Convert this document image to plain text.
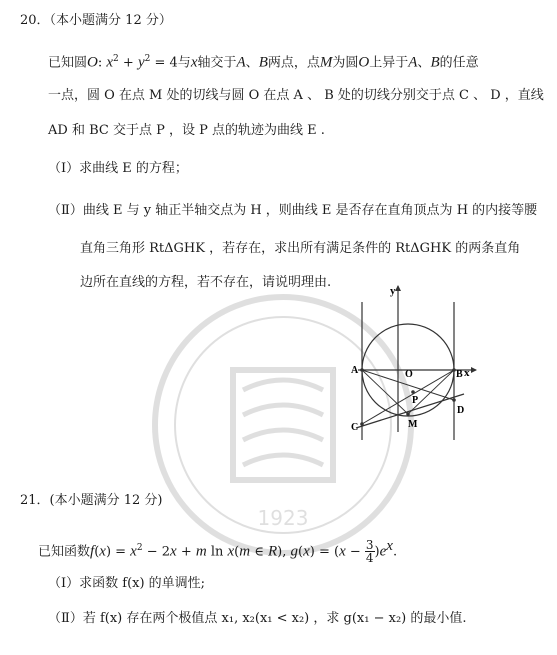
1923
20．（本小题满分 12 分）
已知圆O: $x^2 + y^2 = 4$与x轴交于A、B两点，点M为圆O上异于A、B的任意
一点，圆 O 在点 M 处的切线与圆 O 在点 A 、 B 处的切线分别交于点 C 、 D ，直线
AD 和 BC 交于点 P ，设 P 点的轨迹为曲线 E .
（Ⅰ）求曲线 E 的方程；
（Ⅱ）曲线 E 与 y 轴正半轴交点为 H ，则曲线 E 是否存在直角顶点为 H 的内接等腰
直角三角形 RtΔGHK ，若存在，求出所有满足条件的 RtΔGHK 的两条直角
边所在直线的方程，若不存在，请说明理由.
y
x
A	O	B
P
C	M
D
21．(本小题满分 12 分)
已知函数$f(x) = x^2 - 2x + m$ ln x(m ∈ R), $g(x) = (x - \frac{3}{4} )e^x$.
（Ⅰ）求函数 f(x) 的单调性;
（Ⅱ）若 f(x) 存在两个极值点 x₁, x₂(x₁ < x₂) ，求 g(x₁ − x₂) 的最小值.
